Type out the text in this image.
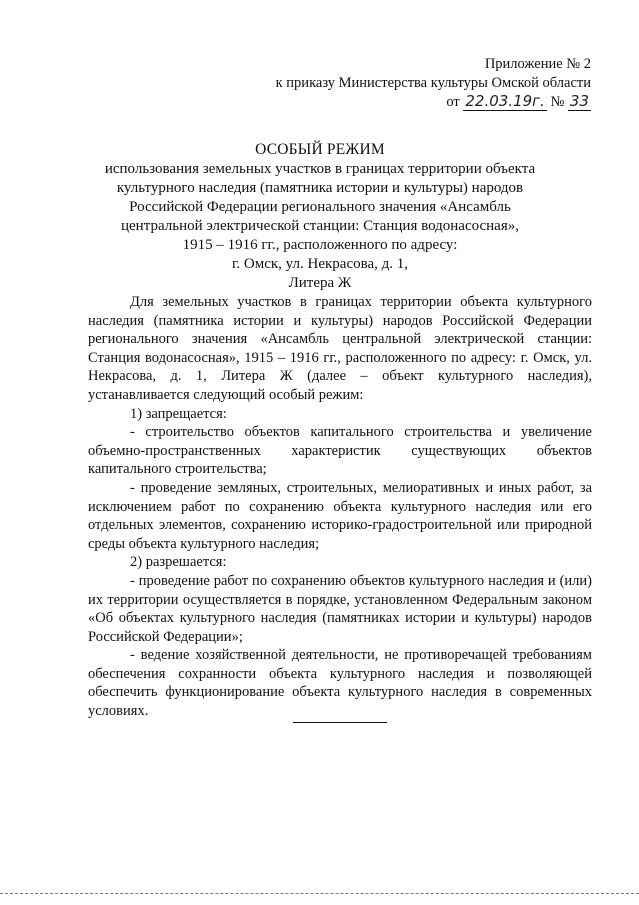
Приложение № 2
к приказу Министерства культуры Омской области
от 22.03.19г. № 33
ОСОБЫЙ РЕЖИМ
использования земельных участков в границах территории объекта
культурного наследия (памятника истории и культуры) народов
Российской Федерации регионального значения «Ансамбль
центральной электрической станции: Станция водонасосная»,
1915 – 1916 гг., расположенного по адресу:
г. Омск, ул. Некрасова, д. 1,
Литера Ж

Для земельных участков в границах территории объекта культурного наследия (памятника истории и культуры) народов Российской Федерации регионального значения «Ансамбль центральной электрической станции: Станция водонасосная», 1915 – 1916 гг., расположенного по адресу: г. Омск, ул. Некрасова, д. 1, Литера Ж (далее – объект культурного наследия), устанавливается следующий особый режим:

1) запрещается:

- строительство объектов капитального строительства и увеличение объемно-пространственных характеристик существующих объектов капитального строительства;

- проведение земляных, строительных, мелиоративных и иных работ, за исключением работ по сохранению объекта культурного наследия или его отдельных элементов, сохранению историко-градостроительной или природной среды объекта культурного наследия;

2) разрешается:

- проведение работ по сохранению объектов культурного наследия и (или) их территории осуществляется в порядке, установленном Федеральным законом «Об объектах культурного наследия (памятниках истории и культуры) народов Российской Федерации»;

- ведение хозяйственной деятельности, не противоречащей требованиям обеспечения сохранности объекта культурного наследия и позволяющей обеспечить функционирование объекта культурного наследия в современных условиях.
